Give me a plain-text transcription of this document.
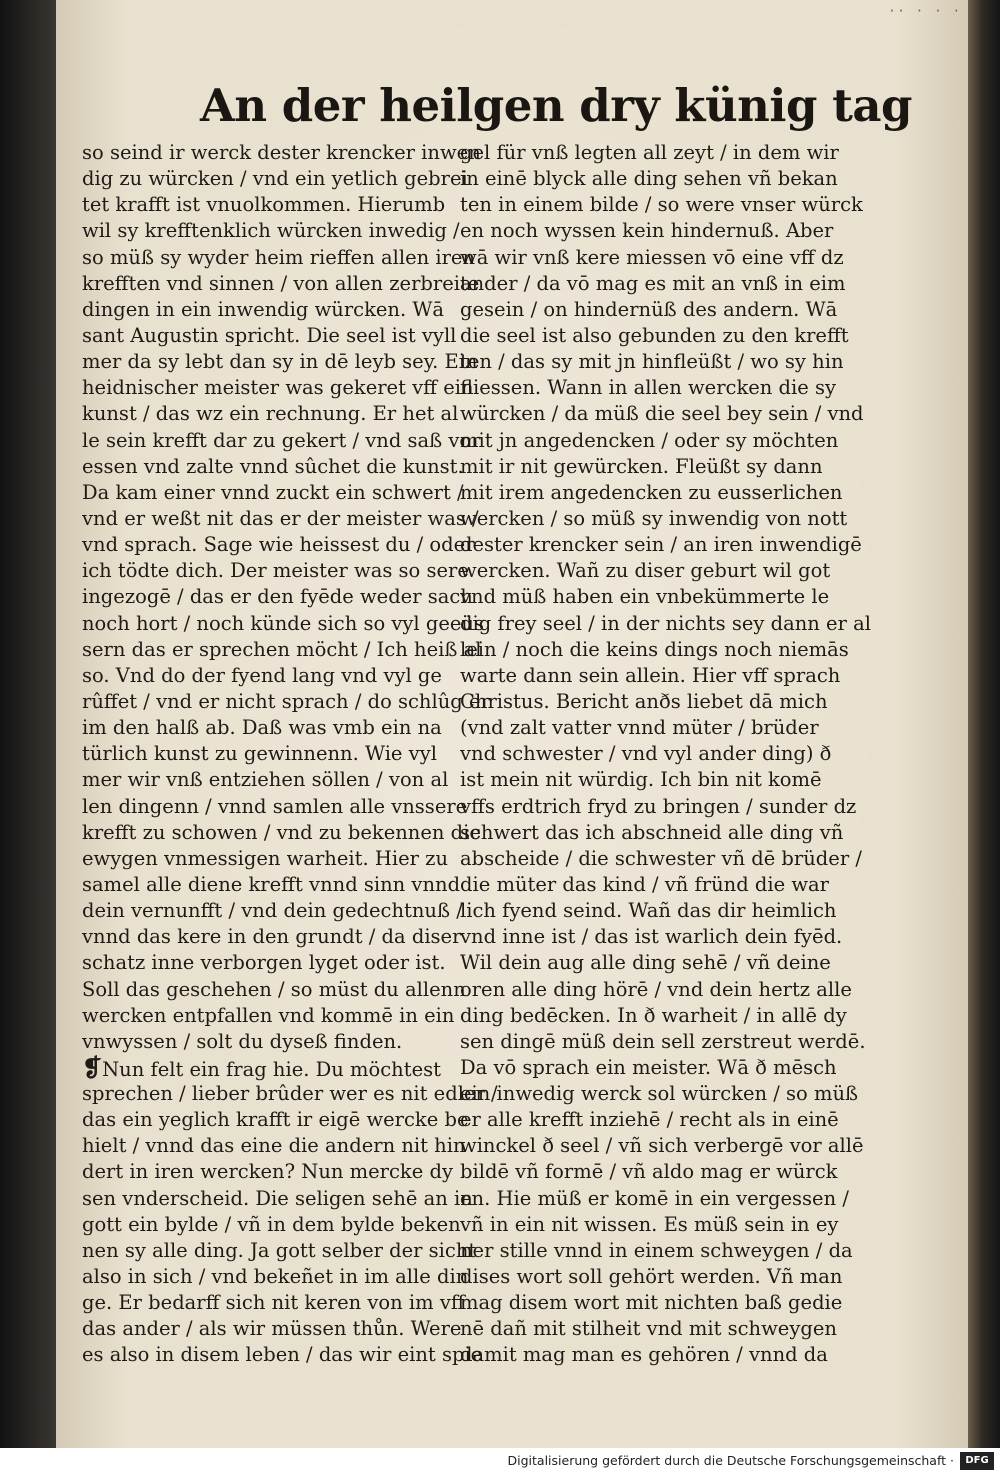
·· · · ·
An der heilgen dry künig tag
so seind ir werck dester krencker inwen
dig zu würcken / vnd ein yetlich gebrei
tet krafft ist vnuolkommen. Hierumb
wil sy krefftenklich würcken inwedig /
so müß sy wyder heim rieffen allen iren
krefften vnd sinnen / von allen zerbreite
dingen in ein inwendig würcken. Wā
sant Augustin spricht. Die seel ist vyll
mer da sy lebt dan sy in dē leyb sey. Ein
heidnischer meister was gekeret vff ein
kunst / das wz ein rechnung. Er het al
le sein krefft dar zu gekert / vnd saß vor
essen vnd zalte vnnd sûchet die kunst.
Da kam einer vnnd zuckt ein schwert /
vnd er weßt nit das er der meister was /
vnd sprach. Sage wie heissest du / oder
ich tödte dich. Der meister was so sere
ingezogē / das er den fyēde weder sach
noch hort / noch künde sich so vyl geeüs
sern das er sprechen möcht / Ich heiß al
so. Vnd do der fyend lang vnd vyl ge
rûffet / vnd er nicht sprach / do schlûg er
im den halß ab. Daß was vmb ein na
türlich kunst zu gewinnenn. Wie vyl
mer wir vnß entziehen söllen / von al
len dingenn / vnnd samlen alle vnssere
krefft zu schowen / vnd zu bekennen die
ewygen vnmessigen warheit. Hier zu
samel alle diene krefft vnnd sinn vnnd
dein vernunfft / vnd dein gedechtnuß /
vnnd das kere in den grundt / da diser
schatz inne verborgen lyget oder ist.
Soll das geschehen / so müst du allenn
wercken entpfallen vnd kommē in ein
vnwyssen / solt du dyseß finden.
❡Nun felt ein frag hie. Du möchtest
sprechen / lieber brûder wer es nit edler /
das ein yeglich krafft ir eigē wercke be
hielt / vnnd das eine die andern nit hin
dert in iren wercken? Nun mercke dy
sen vnderscheid. Die seligen sehē an in
gott ein bylde / vñ in dem bylde beken
nen sy alle ding. Ja gott selber der sicht
also in sich / vnd bekeñet in im alle din
ge. Er bedarff sich nit keren von im vff
das ander / als wir müssen thůn. Were
es also in disem leben / das wir eint spie
gel für vnß legten all zeyt / in dem wir
in einē blyck alle ding sehen vñ bekan
ten in einem bilde / so were vnser würck
en noch wyssen kein hindernuß. Aber
wā wir vnß kere miessen vō eine vff dz
ander / da vō mag es mit an vnß in eim
gesein / on hindernüß des andern. Wā
die seel ist also gebunden zu den krefft
ten / das sy mit jn hinfleüßt / wo sy hin
fliessen. Wann in allen wercken die sy
würcken / da müß die seel bey sein / vnd
mit jn angedencken / oder sy möchten
mit ir nit gewürcken. Fleüßt sy dann
mit irem angedencken zu eusserlichen
wercken / so müß sy inwendig von nott
dester krencker sein / an iren inwendigē
wercken. Wañ zu diser geburt wil got
vnd müß haben ein vnbekümmerte le
dig frey seel / in der nichts sey dann er al
lein / noch die keins dings noch niemās
warte dann sein allein. Hier vff sprach
Christus. Bericht anðs liebet dā mich
(vnd zalt vatter vnnd müter / brüder
vnd schwester / vnd vyl ander ding) ð
ist mein nit würdig. Ich bin nit komē
vffs erdtrich fryd zu bringen / sunder dz
schwert das ich abschneid alle ding vñ
abscheide / die schwester vñ dē brüder /
die müter das kind / vñ fründ die war
lich fyend seind. Wañ das dir heimlich
vnd inne ist / das ist warlich dein fyēd.
Wil dein aug alle ding sehē / vñ deine
oren alle ding hörē / vnd dein hertz alle
ding bedēcken. In ð warheit / in allē dy
sen dingē müß dein sell zerstreut werdē.
Da vō sprach ein meister. Wā ð mēsch
ein inwedig werck sol würcken / so müß
er alle krefft inziehē / recht als in einē
winckel ð seel / vñ sich verbergē vor allē
bildē vñ formē / vñ aldo mag er würck
en. Hie müß er komē in ein vergessen /
vñ in ein nit wissen. Es müß sein in ey
ner stille vnnd in einem schweygen / da
dises wort soll gehört werden. Vñ man
mag disem wort mit nichten baß gedie
nē dañ mit stilheit vnd mit schweygen
damit mag man es gehören / vnnd da
Digitalisierung gefördert durch die Deutsche Forschungsgemeinschaft ·	DFG
